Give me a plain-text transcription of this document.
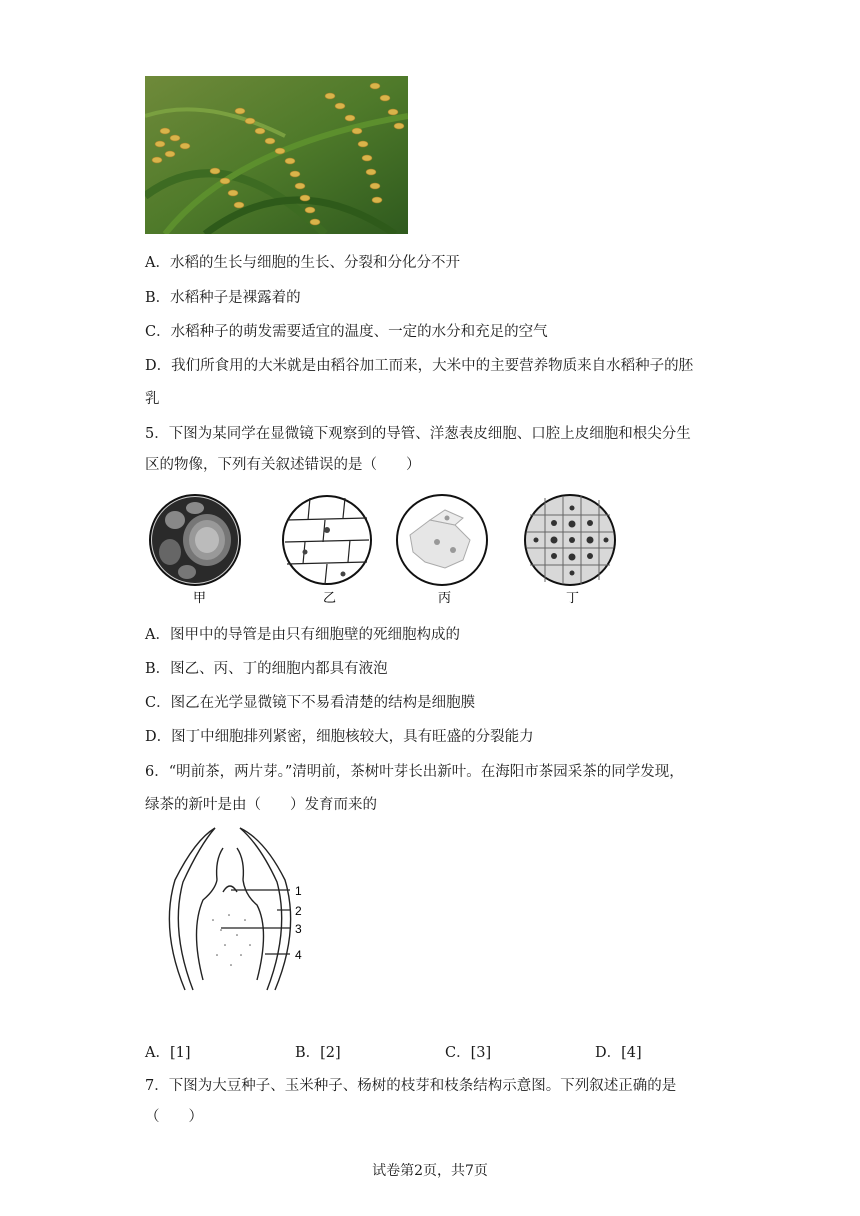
A．水稻的生长与细胞的生长、分裂和分化分不开
B．水稻种子是裸露着的
C．水稻种子的萌发需要适宜的温度、一定的水分和充足的空气
D．我们所食用的大米就是由稻谷加工而来，大米中的主要营养物质来自水稻种子的胚
乳
5．下图为某同学在显微镜下观察到的导管、洋葱表皮细胞、口腔上皮细胞和根尖分生
区的物像，下列有关叙述错误的是（　　）
甲	乙	丙	丁
A．图甲中的导管是由只有细胞壁的死细胞构成的
B．图乙、丙、丁的细胞内都具有液泡
C．图乙在光学显微镜下不易看清楚的结构是细胞膜
D．图丁中细胞排列紧密，细胞核较大，具有旺盛的分裂能力
6．“明前茶，两片芽。”清明前，茶树叶芽长出新叶。在海阳市茶园采茶的同学发现，
绿茶的新叶是由（　　）发育而来的
1
2
3
4
A．[1]	B．[2]	C．[3]	D．[4]
7．下图为大豆种子、玉米种子、杨树的枝芽和枝条结构示意图。下列叙述正确的是
（　　）
试卷第2页，共7页
